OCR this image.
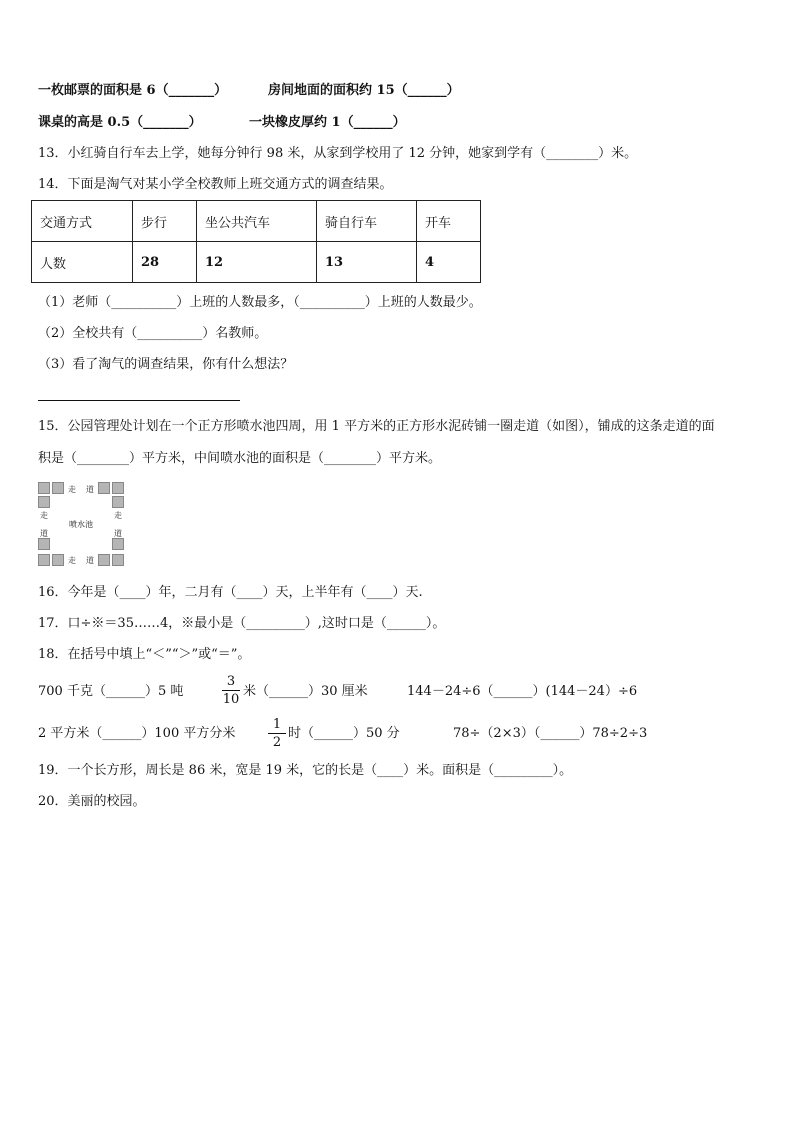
一枚邮票的面积是 6（_______）	房间地面的面积约 15（______）
课桌的高是 0.5（_______）	一块橡皮厚约 1（______）
13．小红骑自行车去上学，她每分钟行 98 米，从家到学校用了 12 分钟，她家到学有（________）米。
14．下面是淘气对某小学全校教师上班交通方式的调查结果。
交通方式	步行	坐公共汽车	骑自行车	开车
人数	28	12	13	4
（1）老师（__________）上班的人数最多，（__________）上班的人数最少。
（2）全校共有（__________）名教师。
（3）看了淘气的调查结果，你有什么想法？
15．公园管理处计划在一个正方形喷水池四周，用 1 平方米的正方形水泥砖铺一圈走道（如图），铺成的这条走道的面
积是（________）平方米，中间喷水池的面积是（________）平方米。
走 道
走 道
走
道
走
道
喷水池
16．今年是（____）年，二月有（____）天，上半年有（____）天.
17．口÷※＝35……4，※最小是（_________）,这时口是（______）。
18．在括号中填上“＜”“＞”或“＝”。
700 千克（______）5 吨
3
10
米（______）30 厘米	144－24÷6（______）(144－24）÷6
2 平方米（______）100 平方分米
1
2
时（______）50 分	78÷（2×3）（______）78÷2÷3
19．一个长方形，周长是 86 米，宽是 19 米，它的长是（____）米。面积是（_________）。
20．美丽的校园。
